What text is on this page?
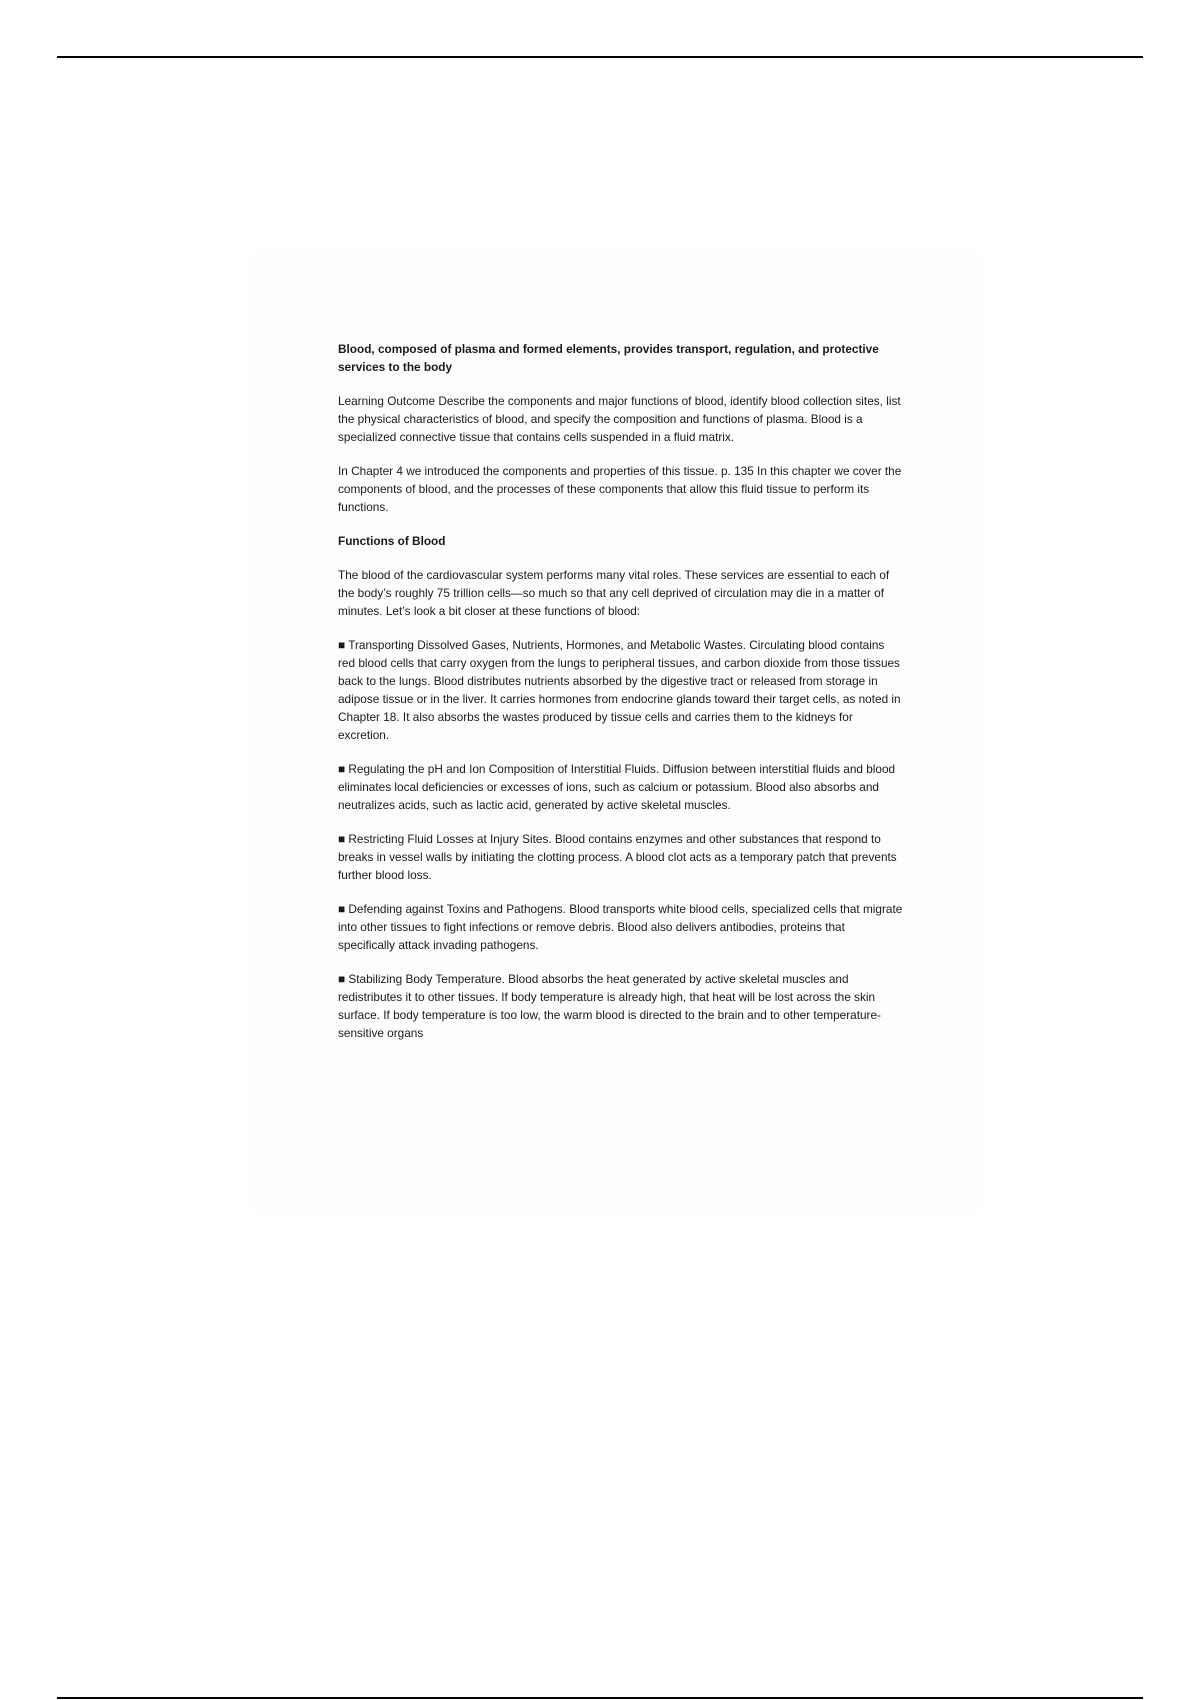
Blood, composed of plasma and formed elements, provides transport, regulation, and protective services to the body

Learning Outcome Describe the components and major functions of blood, identify blood collection sites, list the physical characteristics of blood, and specify the composition and functions of plasma. Blood is a specialized connective tissue that contains cells suspended in a fluid matrix.

In Chapter 4 we introduced the components and properties of this tissue. p. 135 In this chapter we cover the components of blood, and the processes of these components that allow this fluid tissue to perform its functions.

Functions of Blood

The blood of the cardiovascular system performs many vital roles. These services are essential to each of the body’s roughly 75 trillion cells—so much so that any cell deprived of circulation may die in a matter of minutes. Let’s look a bit closer at these functions of blood:

■ Transporting Dissolved Gases, Nutrients, Hormones, and Metabolic Wastes. Circulating blood contains red blood cells that carry oxygen from the lungs to peripheral tissues, and carbon dioxide from those tissues back to the lungs. Blood distributes nutrients absorbed by the digestive tract or released from storage in adipose tissue or in the liver. It carries hormones from endocrine glands toward their target cells, as noted in Chapter 18. It also absorbs the wastes produced by tissue cells and carries them to the kidneys for excretion.

■ Regulating the pH and Ion Composition of Interstitial Fluids. Diffusion between interstitial fluids and blood eliminates local deficiencies or excesses of ions, such as calcium or potassium. Blood also absorbs and neutralizes acids, such as lactic acid, generated by active skeletal muscles.

■ Restricting Fluid Losses at Injury Sites. Blood contains enzymes and other substances that respond to breaks in vessel walls by initiating the clotting process. A blood clot acts as a temporary patch that prevents further blood loss.

■ Defending against Toxins and Pathogens. Blood transports white blood cells, specialized cells that migrate into other tissues to fight infections or remove debris. Blood also delivers antibodies, proteins that specifically attack invading pathogens.

■ Stabilizing Body Temperature. Blood absorbs the heat generated by active skeletal muscles and redistributes it to other tissues. If body temperature is already high, that heat will be lost across the skin surface. If body temperature is too low, the warm blood is directed to the brain and to other temperature-sensitive organs
